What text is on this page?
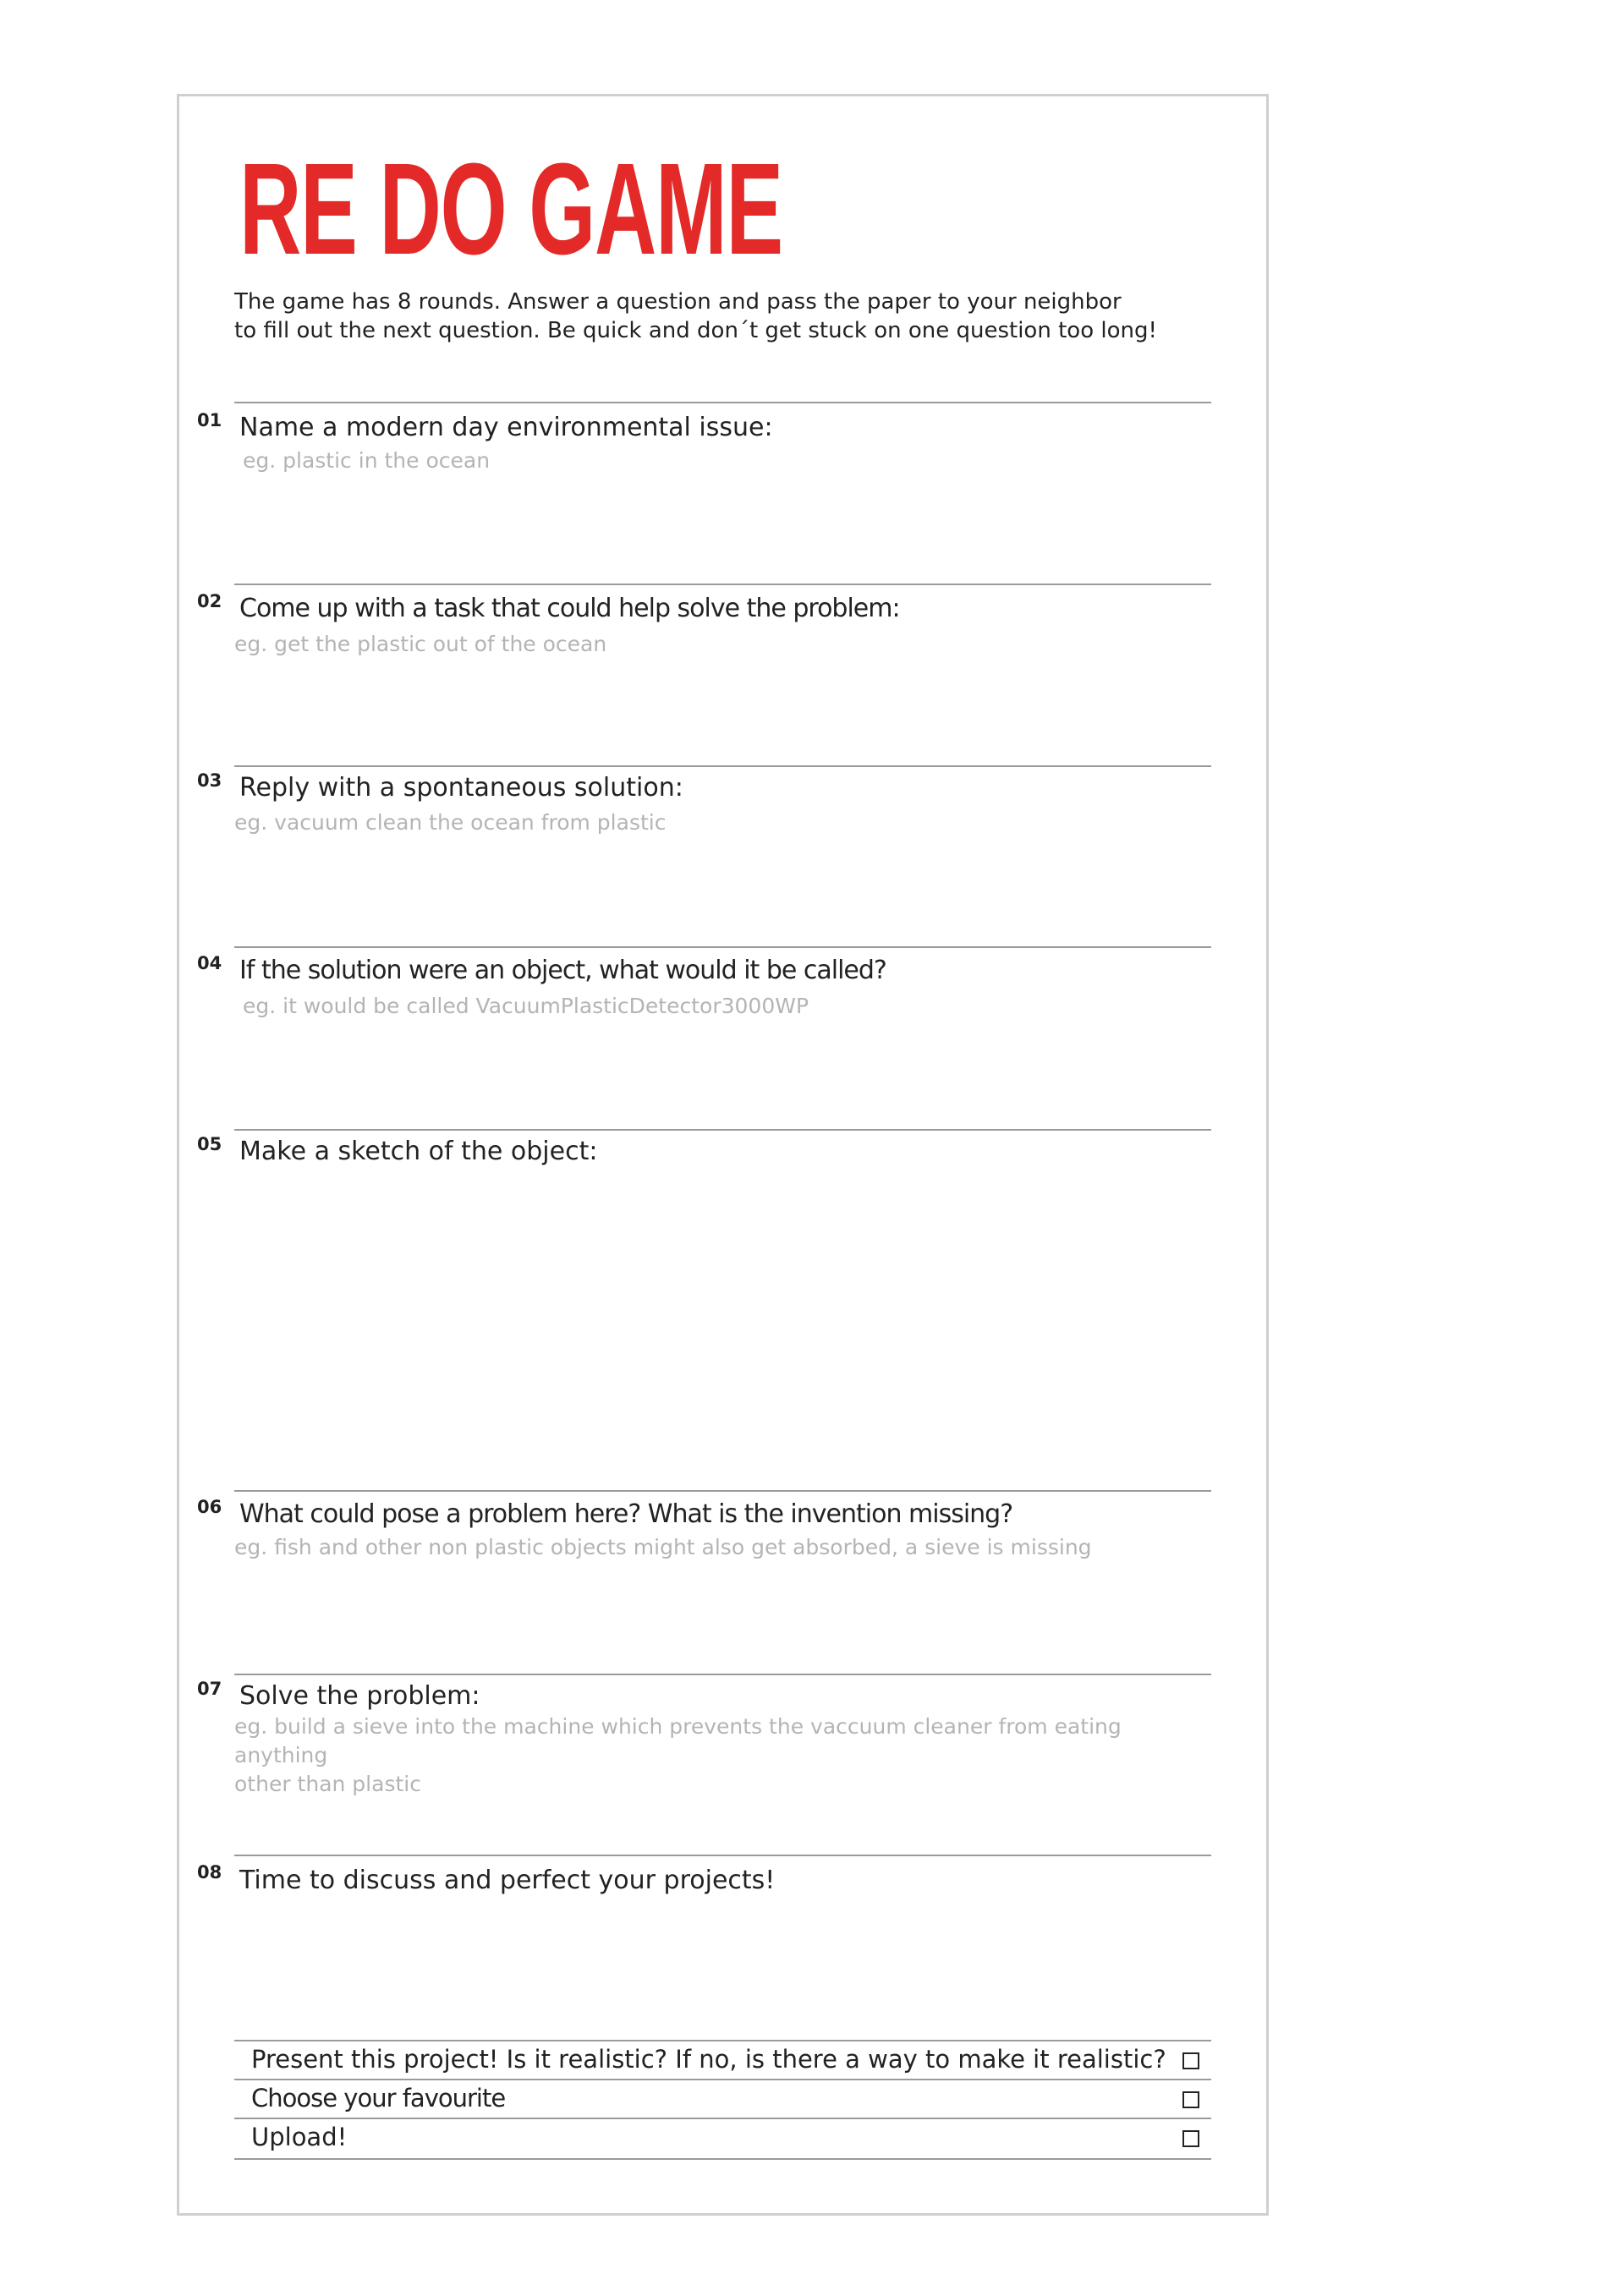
RE DO GAME

The game has 8 rounds. Answer a question and pass the paper to your neighbor
to fill out the next question. Be quick and don´t get stuck on one question too long!

01 Name a modern day environmental issue:

eg. plastic in the ocean

02 Come up with a task that could help solve the problem:

eg. get the plastic out of the ocean

03 Reply with a spontaneous solution:

eg. vacuum clean the ocean from plastic

04 If the solution were an object, what would it be called?

eg. it would be called VacuumPlasticDetector3000WP

05 Make a sketch of the object:

06 What could pose a problem here? What is the invention missing?

eg. fish and other non plastic objects might also get absorbed, a sieve is missing

07 Solve the problem:

eg. build a sieve into the machine which prevents the vaccuum cleaner from eating anything
other than plastic

08 Time to discuss and perfect your projects!

Present this project! Is it realistic? If no, is there a way to make it realistic?
Choose your favourite
Upload!
